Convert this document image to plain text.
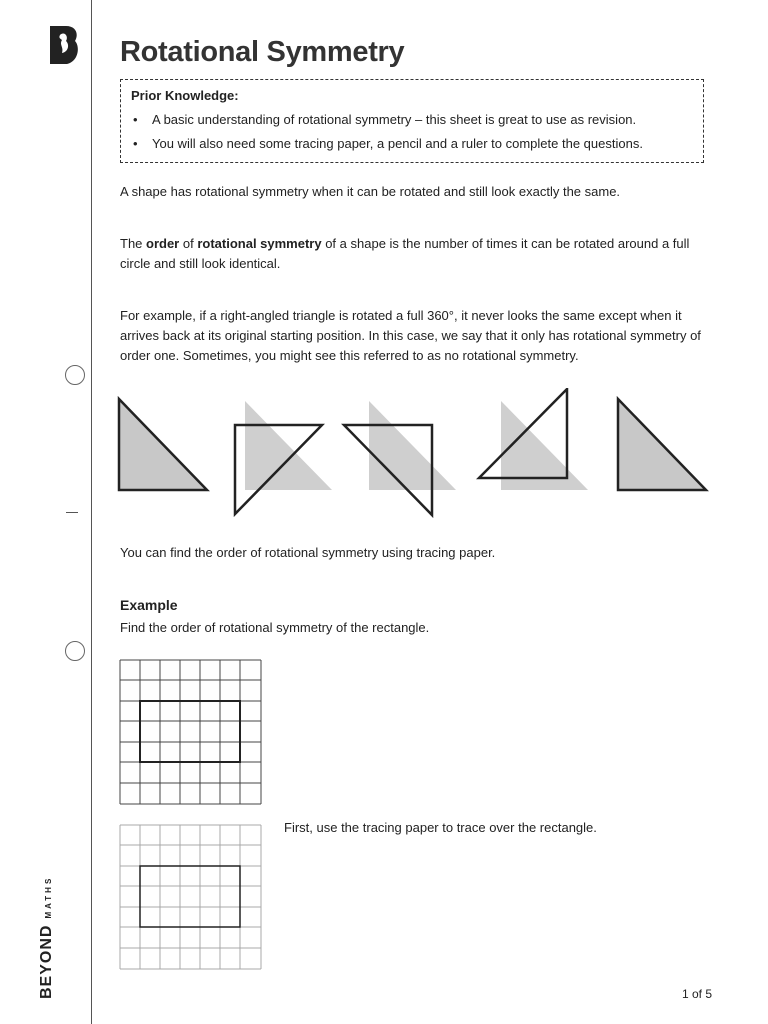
BEYONDMATHS
Rotational Symmetry
Prior Knowledge:
• A basic understanding of rotational symmetry – this sheet is great to use as revision.
• You will also need some tracing paper, a pencil and a ruler to complete the questions.

A shape has rotational symmetry when it can be rotated and still look exactly the same.

The order of rotational symmetry of a shape is the number of times it can be rotated around a full circle and still look identical.

For example, if a right-angled triangle is rotated a full 360°, it never looks the same except when it arrives back at its original starting position. In this case, we say that it only has rotational symmetry of order one. Sometimes, you might see this referred to as no rotational symmetry.

You can find the order of rotational symmetry using tracing paper.

Example

Find the order of rotational symmetry of the rectangle.

First, use the tracing paper to trace over the rectangle.
1 of 5
